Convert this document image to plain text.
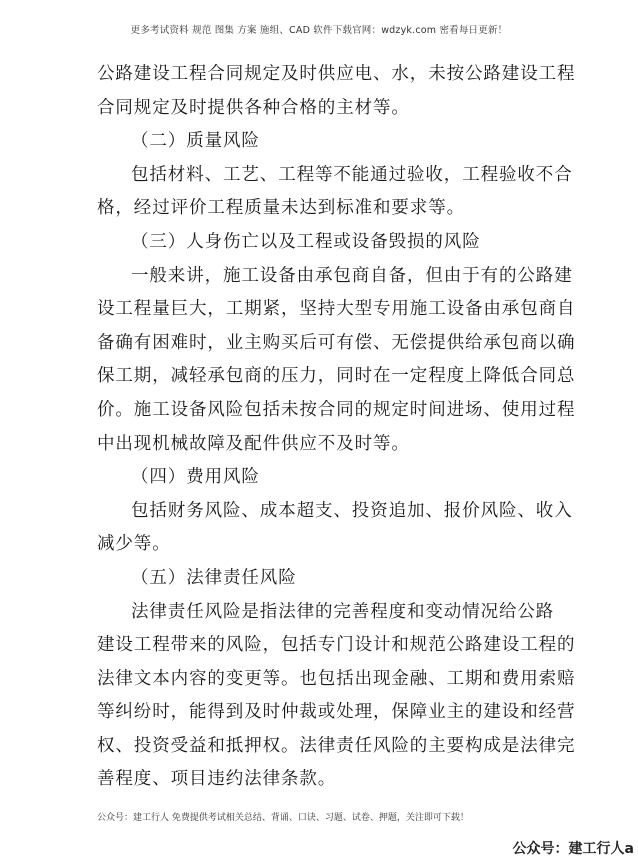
更多考试资料 规范 图集 方案 施组、CAD 软件下载官网：wdzyk.com 密看每日更新！
公路建设工程合同规定及时供应电、水，未按公路建设工程
合同规定及时提供各种合格的主材等。
（二）质量风险
包括材料、工艺、工程等不能通过验收，工程验收不合
格，经过评价工程质量未达到标准和要求等。
（三）人身伤亡以及工程或设备毁损的风险
一般来讲，施工设备由承包商自备，但由于有的公路建
设工程量巨大，工期紧，坚持大型专用施工设备由承包商自
备确有困难时，业主购买后可有偿、无偿提供给承包商以确
保工期，减轻承包商的压力，同时在一定程度上降低合同总
价。施工设备风险包括未按合同的规定时间进场、使用过程
中出现机械故障及配件供应不及时等。
（四）费用风险
包括财务风险、成本超支、投资追加、报价风险、收入
减少等。
（五）法律责任风险
法律责任风险是指法律的完善程度和变动情况给公路
建设工程带来的风险，包括专门设计和规范公路建设工程的
法律文本内容的变更等。也包括出现金融、工期和费用索赔
等纠纷时，能得到及时仲裁或处理，保障业主的建设和经营
权、投资受益和抵押权。法律责任风险的主要构成是法律完
善程度、项目违约法律条款。
公众号：建工行人 免费提供考试相关总结、背诵、口诀、习题、试卷、押题，关注即可下载！
公众号：建工行人a
